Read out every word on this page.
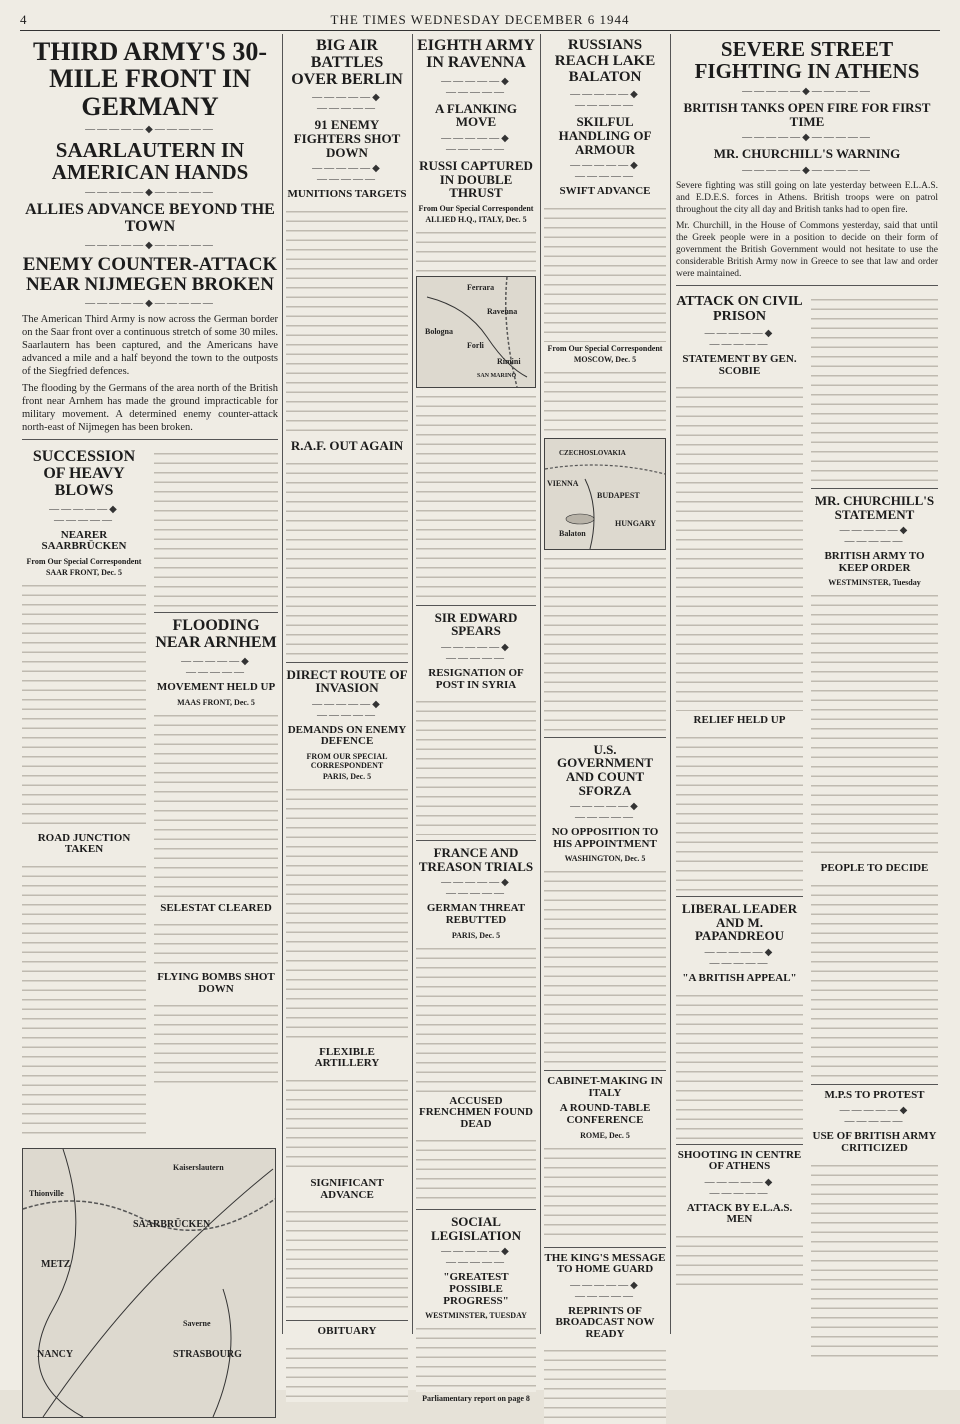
4	THE TIMES WEDNESDAY DECEMBER 6 1944
THIRD ARMY'S 30-MILE FRONT IN GERMANY
—————◆—————
SAARLAUTERN IN AMERICAN HANDS
—————◆—————
ALLIES ADVANCE BEYOND THE TOWN
—————◆—————
ENEMY COUNTER-ATTACK NEAR NIJMEGEN BROKEN
—————◆—————
The American Third Army is now across the German border on the Saar front over a continuous stretch of some 30 miles. Saarlautern has been captured, and the Americans have advanced a mile and a half beyond the town to the outposts of the Siegfried defences.
The flooding by the Germans of the area north of the British front near Arnhem has made the ground impracticable for military movement. A determined enemy counter-attack north-east of Nijmegen has been broken.
SUCCESSION OF HEAVY BLOWS
—————◆—————
NEARER SAARBRÜCKEN
From Our Special Correspondent
SAAR FRONT, Dec. 5
ROAD JUNCTION TAKEN
FLOODING NEAR ARNHEM
—————◆—————
MOVEMENT HELD UP
MAAS FRONT, Dec. 5
SELESTAT CLEARED
FLYING BOMBS SHOT DOWN
Kaiserslautern
SAARBRÜCKEN
METZ
NANCY	STRASBOURG
Thionville
Saverne
BIG AIR BATTLES OVER BERLIN
—————◆—————
91 ENEMY FIGHTERS SHOT DOWN
—————◆—————
MUNITIONS TARGETS
R.A.F. OUT AGAIN
DIRECT ROUTE OF INVASION
—————◆—————
DEMANDS ON ENEMY DEFENCE
FROM OUR SPECIAL CORRESPONDENT
PARIS, Dec. 5
FLEXIBLE ARTILLERY
SIGNIFICANT ADVANCE
OBITUARY
EIGHTH ARMY IN RAVENNA
—————◆—————
A FLANKING MOVE
—————◆—————
RUSSI CAPTURED IN DOUBLE THRUST
From Our Special Correspondent
ALLIED H.Q., ITALY, Dec. 5
Ferrara
Ravenna
Bologna
Forli
Rimini
SAN MARINO
SIR EDWARD SPEARS
—————◆—————
RESIGNATION OF POST IN SYRIA
FRANCE AND TREASON TRIALS
—————◆—————
GERMAN THREAT REBUTTED
PARIS, Dec. 5
ACCUSED FRENCHMEN FOUND DEAD
SOCIAL LEGISLATION
—————◆—————
"GREATEST POSSIBLE PROGRESS"
WESTMINSTER, TUESDAY
Parliamentary report on page 8
RUSSIANS REACH LAKE BALATON
—————◆—————
SKILFUL HANDLING OF ARMOUR
—————◆—————
SWIFT ADVANCE
From Our Special Correspondent
MOSCOW, Dec. 5
CZECHOSLOVAKIA
BUDAPEST
VIENNA
Balaton
HUNGARY
U.S. GOVERNMENT AND COUNT SFORZA
—————◆—————
NO OPPOSITION TO HIS APPOINTMENT
WASHINGTON, Dec. 5
CABINET-MAKING IN ITALY
A ROUND-TABLE CONFERENCE
ROME, Dec. 5
THE KING'S MESSAGE TO HOME GUARD
—————◆—————
REPRINTS OF BROADCAST NOW READY
SEVERE STREET FIGHTING IN ATHENS
—————◆—————
BRITISH TANKS OPEN FIRE FOR FIRST TIME
—————◆—————
MR. CHURCHILL'S WARNING
—————◆—————
Severe fighting was still going on late yesterday between E.L.A.S. and E.D.E.S. forces in Athens. British troops were on patrol throughout the city all day and British tanks had to open fire.
Mr. Churchill, in the House of Commons yesterday, said that until the Greek people were in a position to decide on their form of government the British Government would not hesitate to use the considerable British Army now in Greece to see that law and order were maintained.
ATTACK ON CIVIL PRISON
—————◆—————
STATEMENT BY GEN. SCOBIE
RELIEF HELD UP
LIBERAL LEADER AND M. PAPANDREOU
—————◆—————
"A BRITISH APPEAL"
SHOOTING IN CENTRE OF ATHENS
—————◆—————
ATTACK BY E.L.A.S. MEN
MR. CHURCHILL'S STATEMENT
—————◆—————
BRITISH ARMY TO KEEP ORDER
WESTMINSTER, Tuesday
PEOPLE TO DECIDE
M.P.S TO PROTEST
—————◆—————
USE OF BRITISH ARMY CRITICIZED
